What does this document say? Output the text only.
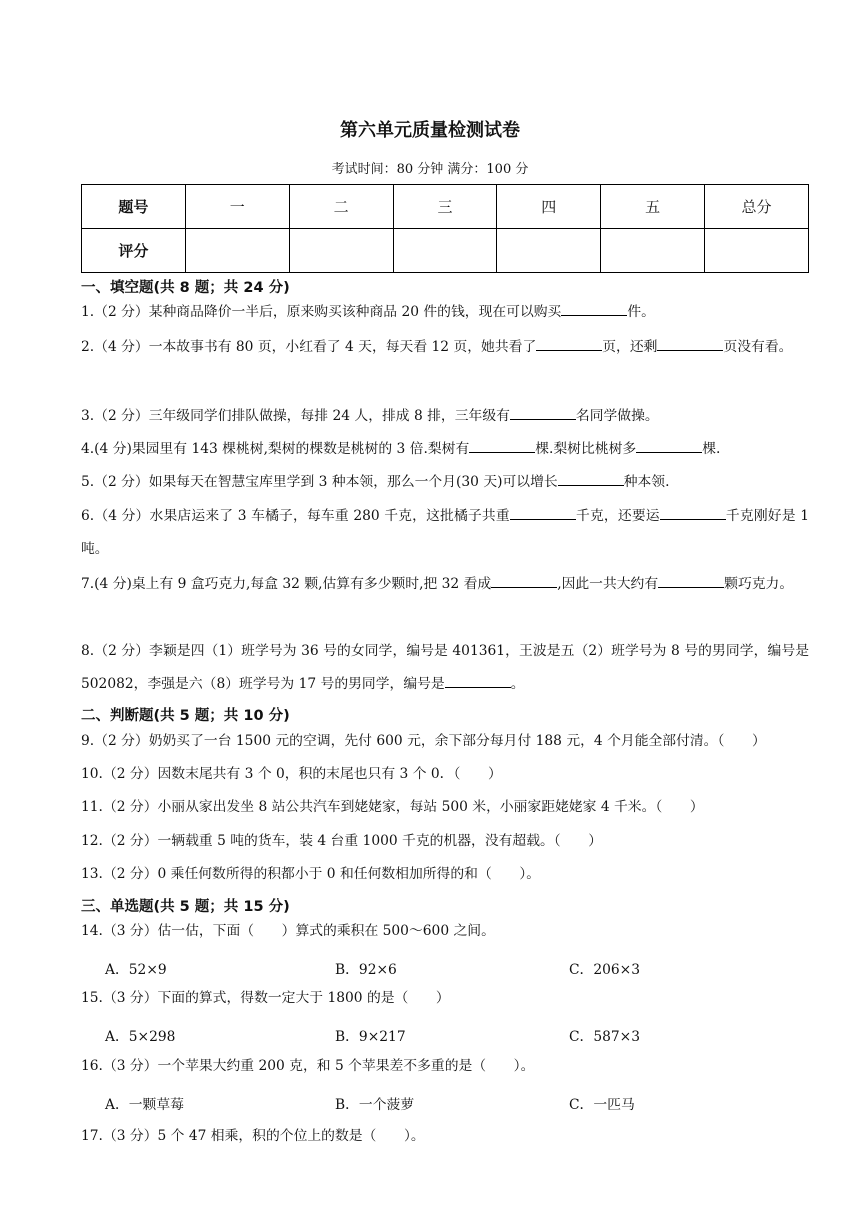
第六单元质量检测试卷
考试时间：80 分钟 满分：100 分
题号	一	二	三	四	五	总分
评分						
一、填空题(共 8 题；共 24 分)
1.（2 分）某种商品降价一半后，原来购买该种商品 20 件的钱，现在可以购买	件。
2.（4 分）一本故事书有 80 页，小红看了 4 天，每天看 12 页，她共看了	页，还剩	页没有看。
3.（2 分）三年级同学们排队做操，每排 24 人，排成 8 排，三年级有	名同学做操。
4.(4 分)果园里有 143 棵桃树,梨树的棵数是桃树的 3 倍.梨树有	棵.梨树比桃树多	棵.
5.（2 分）如果每天在智慧宝库里学到 3 种本领，那么一个月(30 天)可以增长	种本领.
6.（4 分）水果店运来了 3 车橘子，每车重 280 千克，这批橘子共重	千克，还要运	千克刚好是 1 吨。
7.(4 分)桌上有 9 盒巧克力,每盒 32 颗,估算有多少颗时,把 32 看成	,因此一共大约有	颗巧克力。
8.（2 分）李颖是四（1）班学号为 36 号的女同学，编号是 401361，王波是五（2）班学号为 8 号的男同学，编号是 502082，李强是六（8）班学号为 17 号的男同学，编号是	。
二、判断题(共 5 题；共 10 分)
9.（2 分）奶奶买了一台 1500 元的空调，先付 600 元，余下部分每月付 188 元，4 个月能全部付清。（　　）
10.（2 分）因数末尾共有 3 个 0，积的末尾也只有 3 个 0．（　　）
11.（2 分）小丽从家出发坐 8 站公共汽车到姥姥家，每站 500 米，小丽家距姥姥家 4 千米。（　　）
12.（2 分）一辆载重 5 吨的货车，装 4 台重 1000 千克的机器，没有超载。（　　）
13.（2 分）0 乘任何数所得的积都小于 0 和任何数相加所得的和（　　）。
三、单选题(共 5 题；共 15 分)
14.（3 分）估一估，下面（　　）算式的乘积在 500～600 之间。
A．52×9	B．92×6	C．206×3
15.（3 分）下面的算式，得数一定大于 1800 的是（　　）
A．5×298	B．9×217	C．587×3
16.（3 分）一个苹果大约重 200 克，和 5 个苹果差不多重的是（　　）。
A．一颗草莓	B．一个菠萝	C．一匹马
17.（3 分）5 个 47 相乘，积的个位上的数是（　　）。
